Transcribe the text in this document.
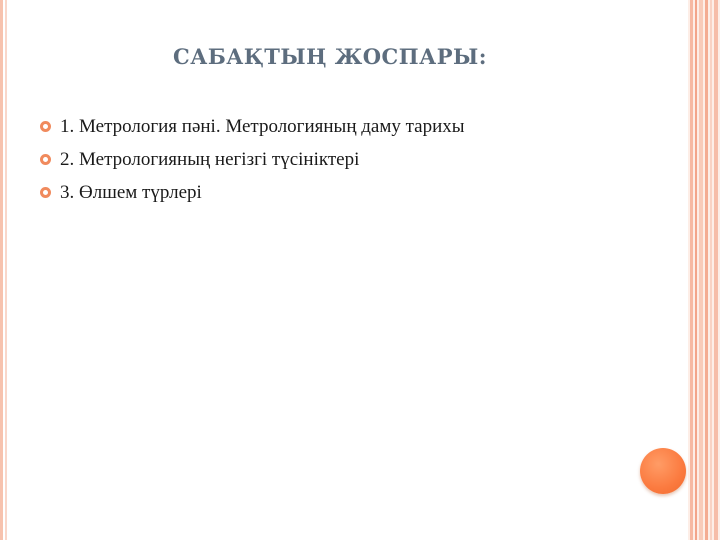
САБАҚТЫҢ ЖОСПАРЫ:
1. Метрология пәні. Метрологияның даму тарихы
2. Метрологияның негізгі түсініктері
3. Өлшем түрлері
